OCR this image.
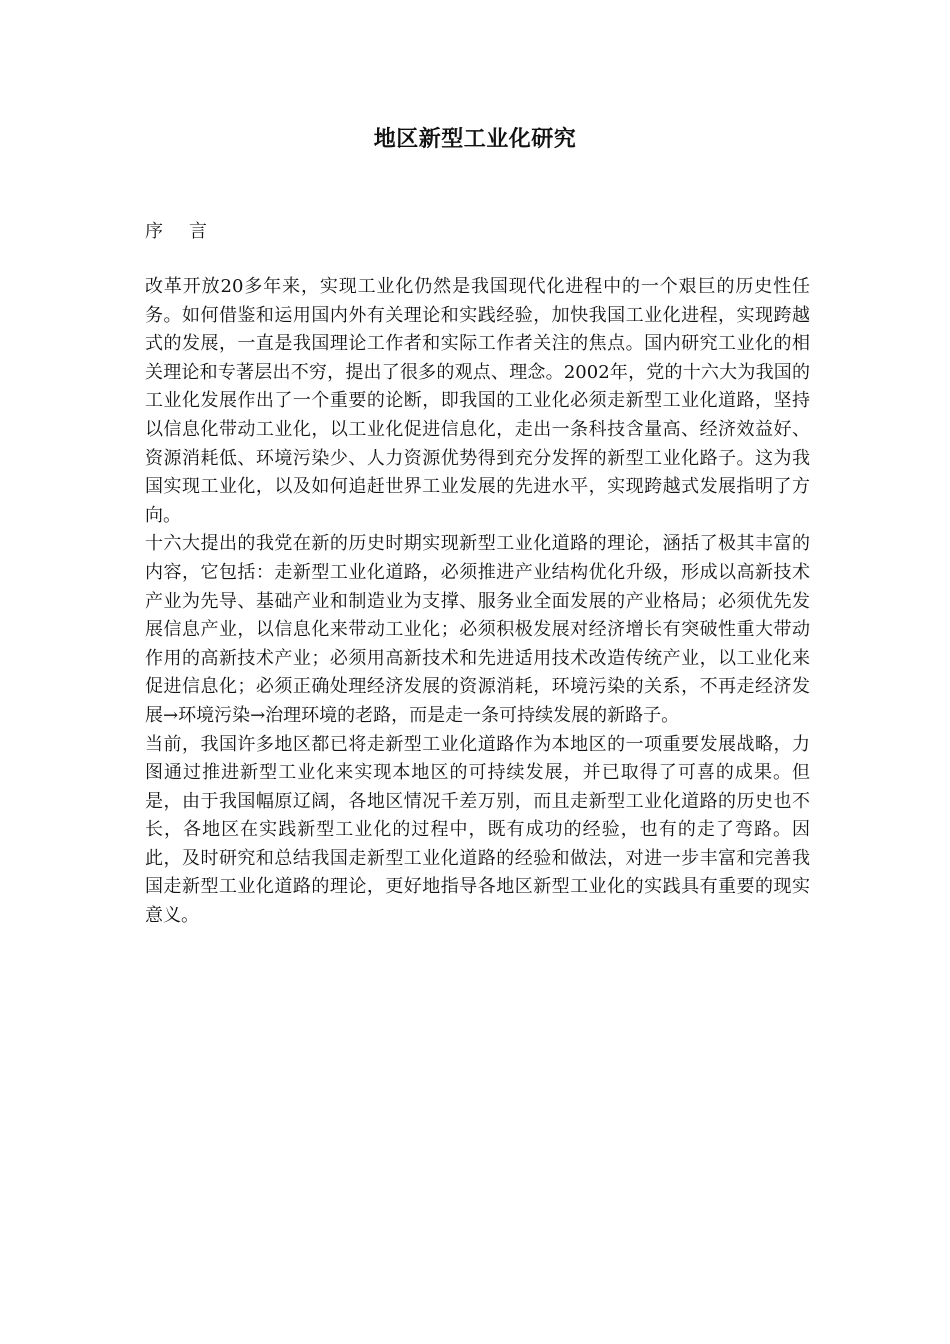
地区新型工业化研究
序 言

改革开放20多年来，实现工业化仍然是我国现代化进程中的一个艰巨的历史性任务。如何借鉴和运用国内外有关理论和实践经验，加快我国工业化进程，实现跨越式的发展，一直是我国理论工作者和实际工作者关注的焦点。国内研究工业化的相关理论和专著层出不穷，提出了很多的观点、理念。2002年，党的十六大为我国的工业化发展作出了一个重要的论断，即我国的工业化必须走新型工业化道路，坚持以信息化带动工业化，以工业化促进信息化，走出一条科技含量高、经济效益好、资源消耗低、环境污染少、人力资源优势得到充分发挥的新型工业化路子。这为我国实现工业化，以及如何追赶世界工业发展的先进水平，实现跨越式发展指明了方向。

十六大提出的我党在新的历史时期实现新型工业化道路的理论，涵括了极其丰富的内容，它包括：走新型工业化道路，必须推进产业结构优化升级，形成以高新技术产业为先导、基础产业和制造业为支撑、服务业全面发展的产业格局；必须优先发展信息产业，以信息化来带动工业化；必须积极发展对经济增长有突破性重大带动作用的高新技术产业；必须用高新技术和先进适用技术改造传统产业，以工业化来促进信息化；必须正确处理经济发展的资源消耗，环境污染的关系，不再走经济发展→环境污染→治理环境的老路，而是走一条可持续发展的新路子。

当前，我国许多地区都已将走新型工业化道路作为本地区的一项重要发展战略，力图通过推进新型工业化来实现本地区的可持续发展，并已取得了可喜的成果。但是，由于我国幅原辽阔，各地区情况千差万别，而且走新型工业化道路的历史也不长，各地区在实践新型工业化的过程中，既有成功的经验，也有的走了弯路。因此，及时研究和总结我国走新型工业化道路的经验和做法，对进一步丰富和完善我国走新型工业化道路的理论，更好地指导各地区新型工业化的实践具有重要的现实意义。
